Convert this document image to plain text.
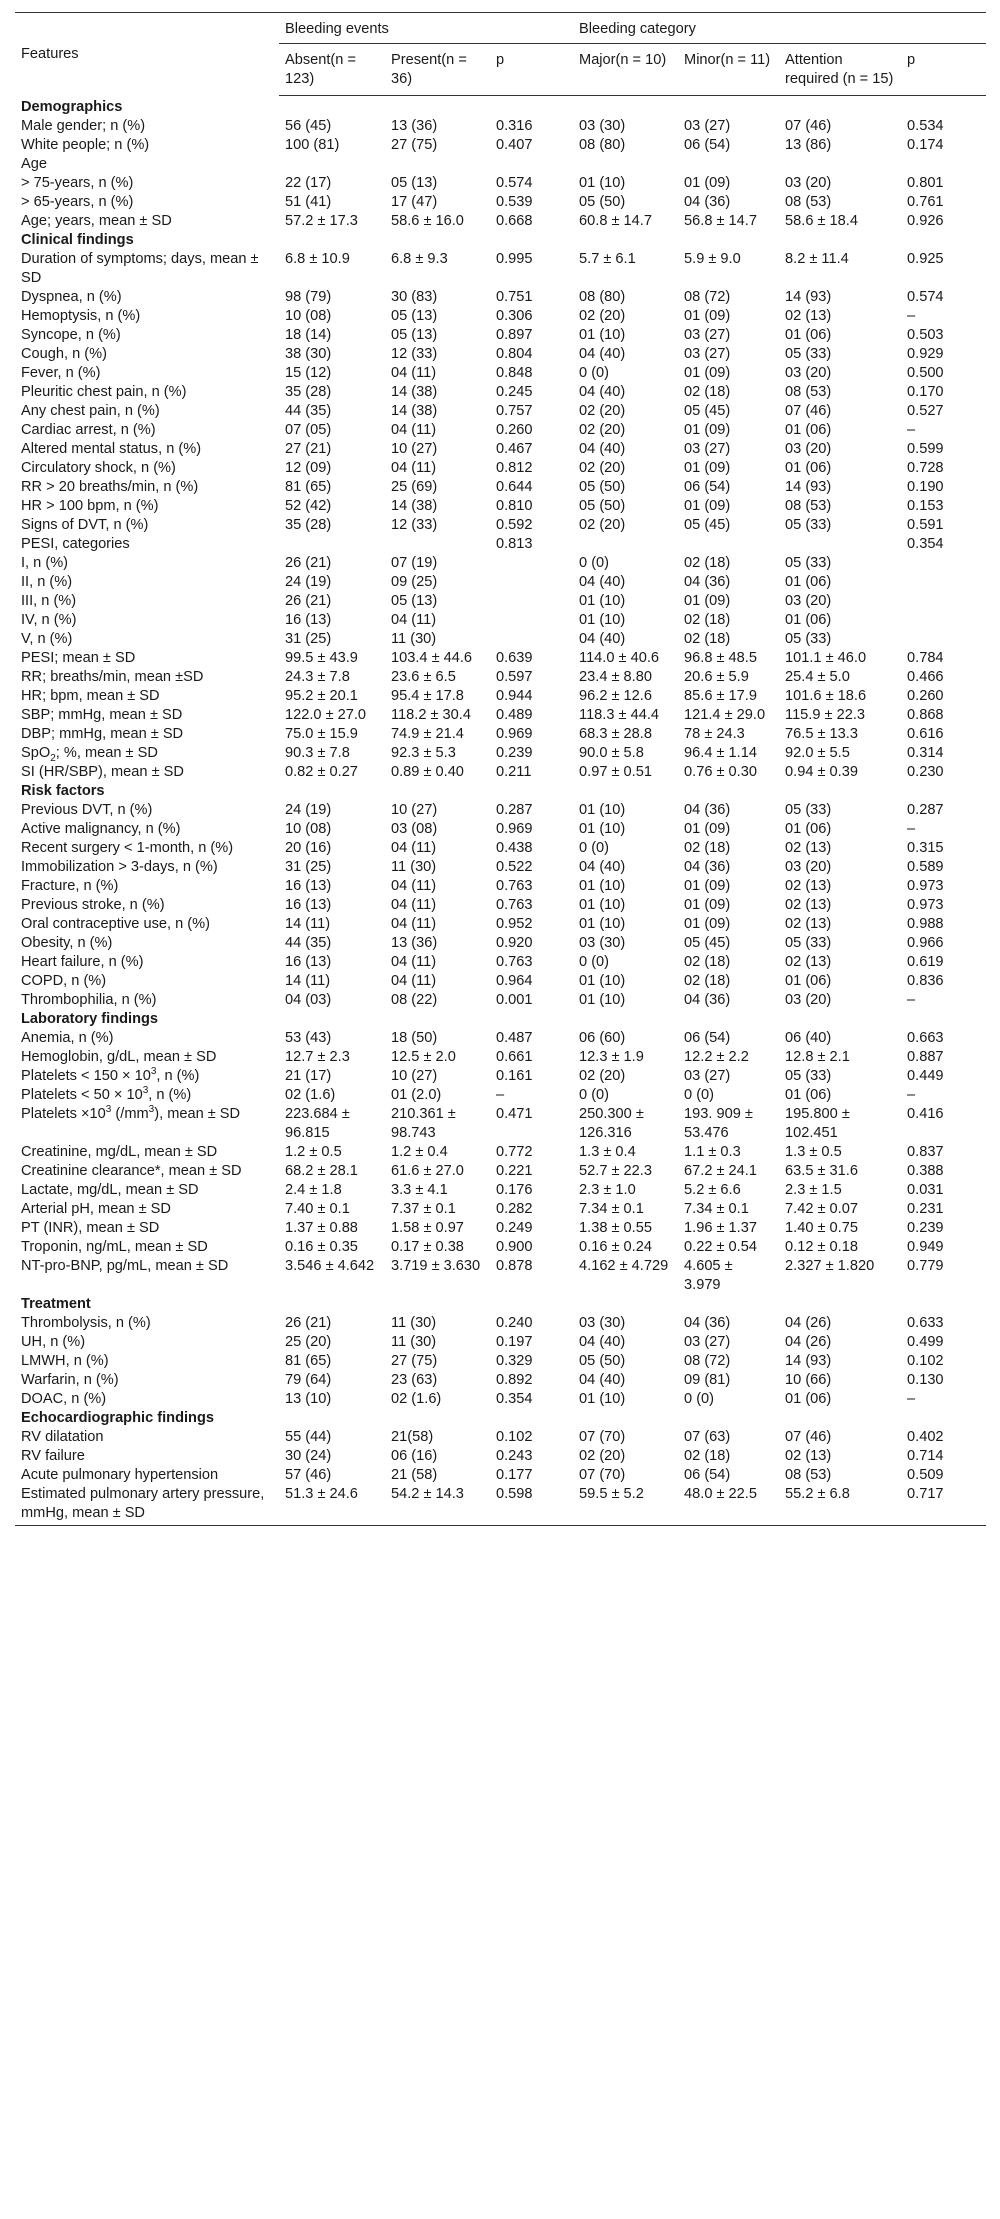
Features	Bleeding events			Bleeding category			
	Absent(n = 123)	Present(n = 36)	p	Major(n = 10)	Minor(n = 11)	Attention required (n = 15)	p
Demographics							
Male gender; n (%)	56 (45)	13 (36)	0.316	03 (30)	03 (27)	07 (46)	0.534
White people; n (%)	100 (81)	27 (75)	0.407	08 (80)	06 (54)	13 (86)	0.174
Age							
> 75-years, n (%)	22 (17)	05 (13)	0.574	01 (10)	01 (09)	03 (20)	0.801
> 65-years, n (%)	51 (41)	17 (47)	0.539	05 (50)	04 (36)	08 (53)	0.761
Age; years, mean ± SD	57.2 ± 17.3	58.6 ± 16.0	0.668	60.8 ± 14.7	56.8 ± 14.7	58.6 ± 18.4	0.926
Clinical findings							
Duration of symptoms; days, mean ± SD	6.8 ± 10.9	6.8 ± 9.3	0.995	5.7 ± 6.1	5.9 ± 9.0	8.2 ± 11.4	0.925
Dyspnea, n (%)	98 (79)	30 (83)	0.751	08 (80)	08 (72)	14 (93)	0.574
Hemoptysis, n (%)	10 (08)	05 (13)	0.306	02 (20)	01 (09)	02 (13)	–
Syncope, n (%)	18 (14)	05 (13)	0.897	01 (10)	03 (27)	01 (06)	0.503
Cough, n (%)	38 (30)	12 (33)	0.804	04 (40)	03 (27)	05 (33)	0.929
Fever, n (%)	15 (12)	04 (11)	0.848	0 (0)	01 (09)	03 (20)	0.500
Pleuritic chest pain, n (%)	35 (28)	14 (38)	0.245	04 (40)	02 (18)	08 (53)	0.170
Any chest pain, n (%)	44 (35)	14 (38)	0.757	02 (20)	05 (45)	07 (46)	0.527
Cardiac arrest, n (%)	07 (05)	04 (11)	0.260	02 (20)	01 (09)	01 (06)	–
Altered mental status, n (%)	27 (21)	10 (27)	0.467	04 (40)	03 (27)	03 (20)	0.599
Circulatory shock, n (%)	12 (09)	04 (11)	0.812	02 (20)	01 (09)	01 (06)	0.728
RR > 20 breaths/min, n (%)	81 (65)	25 (69)	0.644	05 (50)	06 (54)	14 (93)	0.190
HR > 100 bpm, n (%)	52 (42)	14 (38)	0.810	05 (50)	01 (09)	08 (53)	0.153
Signs of DVT, n (%)	35 (28)	12 (33)	0.592	02 (20)	05 (45)	05 (33)	0.591
PESI, categories			0.813				0.354
I, n (%)	26 (21)	07 (19)		0 (0)	02 (18)	05 (33)	
II, n (%)	24 (19)	09 (25)		04 (40)	04 (36)	01 (06)	
III, n (%)	26 (21)	05 (13)		01 (10)	01 (09)	03 (20)	
IV, n (%)	16 (13)	04 (11)		01 (10)	02 (18)	01 (06)	
V, n (%)	31 (25)	11 (30)		04 (40)	02 (18)	05 (33)	
PESI; mean ± SD	99.5 ± 43.9	103.4 ± 44.6	0.639	114.0 ± 40.6	96.8 ± 48.5	101.1 ± 46.0	0.784
RR; breaths/min, mean ±SD	24.3 ± 7.8	23.6 ± 6.5	0.597	23.4 ± 8.80	20.6 ± 5.9	25.4 ± 5.0	0.466
HR; bpm, mean ± SD	95.2 ± 20.1	95.4 ± 17.8	0.944	96.2 ± 12.6	85.6 ± 17.9	101.6 ± 18.6	0.260
SBP; mmHg, mean ± SD	122.0 ± 27.0	118.2 ± 30.4	0.489	118.3 ± 44.4	121.4 ± 29.0	115.9 ± 22.3	0.868
DBP; mmHg, mean ± SD	75.0 ± 15.9	74.9 ± 21.4	0.969	68.3 ± 28.8	78 ± 24.3	76.5 ± 13.3	0.616
SpO$_2$; %, mean ± SD	90.3 ± 7.8	92.3 ± 5.3	0.239	90.0 ± 5.8	96.4 ± 1.14	92.0 ± 5.5	0.314
SI (HR/SBP), mean ± SD	0.82 ± 0.27	0.89 ± 0.40	0.211	0.97 ± 0.51	0.76 ± 0.30	0.94 ± 0.39	0.230
Risk factors							
Previous DVT, n (%)	24 (19)	10 (27)	0.287	01 (10)	04 (36)	05 (33)	0.287
Active malignancy, n (%)	10 (08)	03 (08)	0.969	01 (10)	01 (09)	01 (06)	–
Recent surgery < 1-month, n (%)	20 (16)	04 (11)	0.438	0 (0)	02 (18)	02 (13)	0.315
Immobilization > 3-days, n (%)	31 (25)	11 (30)	0.522	04 (40)	04 (36)	03 (20)	0.589
Fracture, n (%)	16 (13)	04 (11)	0.763	01 (10)	01 (09)	02 (13)	0.973
Previous stroke, n (%)	16 (13)	04 (11)	0.763	01 (10)	01 (09)	02 (13)	0.973
Oral contraceptive use, n (%)	14 (11)	04 (11)	0.952	01 (10)	01 (09)	02 (13)	0.988
Obesity, n (%)	44 (35)	13 (36)	0.920	03 (30)	05 (45)	05 (33)	0.966
Heart failure, n (%)	16 (13)	04 (11)	0.763	0 (0)	02 (18)	02 (13)	0.619
COPD, n (%)	14 (11)	04 (11)	0.964	01 (10)	02 (18)	01 (06)	0.836
Thrombophilia, n (%)	04 (03)	08 (22)	0.001	01 (10)	04 (36)	03 (20)	–
Laboratory findings							
Anemia, n (%)	53 (43)	18 (50)	0.487	06 (60)	06 (54)	06 (40)	0.663
Hemoglobin, g/dL, mean ± SD	12.7 ± 2.3	12.5 ± 2.0	0.661	12.3 ± 1.9	12.2 ± 2.2	12.8 ± 2.1	0.887
Platelets < $150 \times 10^3$, n (%)	21 (17)	10 (27)	0.161	02 (20)	03 (27)	05 (33)	0.449
Platelets < $50 \times 10^3$, n (%)	02 (1.6)	01 (2.0)	–	0 (0)	0 (0)	01 (06)	–
Platelets $\times 10^3$ $(/mm^3)$, mean ± SD	223.684 ± 96.815	210.361 ± 98.743	0.471	250.300 ± 126.316	193. 909 ± 53.476	195.800 ± 102.451	0.416
Creatinine, mg/dL, mean ± SD	1.2 ± 0.5	1.2 ± 0.4	0.772	1.3 ± 0.4	1.1 ± 0.3	1.3 ± 0.5	0.837
Creatinine clearance*, mean ± SD	68.2 ± 28.1	61.6 ± 27.0	0.221	52.7 ± 22.3	67.2 ± 24.1	63.5 ± 31.6	0.388
Lactate, mg/dL, mean ± SD	2.4 ± 1.8	3.3 ± 4.1	0.176	2.3 ± 1.0	5.2 ± 6.6	2.3 ± 1.5	0.031
Arterial pH, mean ± SD	7.40 ± 0.1	7.37 ± 0.1	0.282	7.34 ± 0.1	7.34 ± 0.1	7.42 ± 0.07	0.231
PT (INR), mean ± SD	1.37 ± 0.88	1.58 ± 0.97	0.249	1.38 ± 0.55	1.96 ± 1.37	1.40 ± 0.75	0.239
Troponin, ng/mL, mean ± SD	0.16 ± 0.35	0.17 ± 0.38	0.900	0.16 ± 0.24	0.22 ± 0.54	0.12 ± 0.18	0.949
NT-pro-BNP, pg/mL, mean ± SD	3.546 ± 4.642	3.719 ± 3.630	0.878	4.162 ± 4.729	4.605 ± 3.979	2.327 ± 1.820	0.779
Treatment							
Thrombolysis, n (%)	26 (21)	11 (30)	0.240	03 (30)	04 (36)	04 (26)	0.633
UH, n (%)	25 (20)	11 (30)	0.197	04 (40)	03 (27)	04 (26)	0.499
LMWH, n (%)	81 (65)	27 (75)	0.329	05 (50)	08 (72)	14 (93)	0.102
Warfarin, n (%)	79 (64)	23 (63)	0.892	04 (40)	09 (81)	10 (66)	0.130
DOAC, n (%)	13 (10)	02 (1.6)	0.354	01 (10)	0 (0)	01 (06)	–
Echocardiographic findings							
RV dilatation	55 (44)	21(58)	0.102	07 (70)	07 (63)	07 (46)	0.402
RV failure	30 (24)	06 (16)	0.243	02 (20)	02 (18)	02 (13)	0.714
Acute pulmonary hypertension	57 (46)	21 (58)	0.177	07 (70)	06 (54)	08 (53)	0.509
Estimated pulmonary artery pressure, mmHg, mean ± SD	51.3 ± 24.6	54.2 ± 14.3	0.598	59.5 ± 5.2	48.0 ± 22.5	55.2 ± 6.8	0.717
